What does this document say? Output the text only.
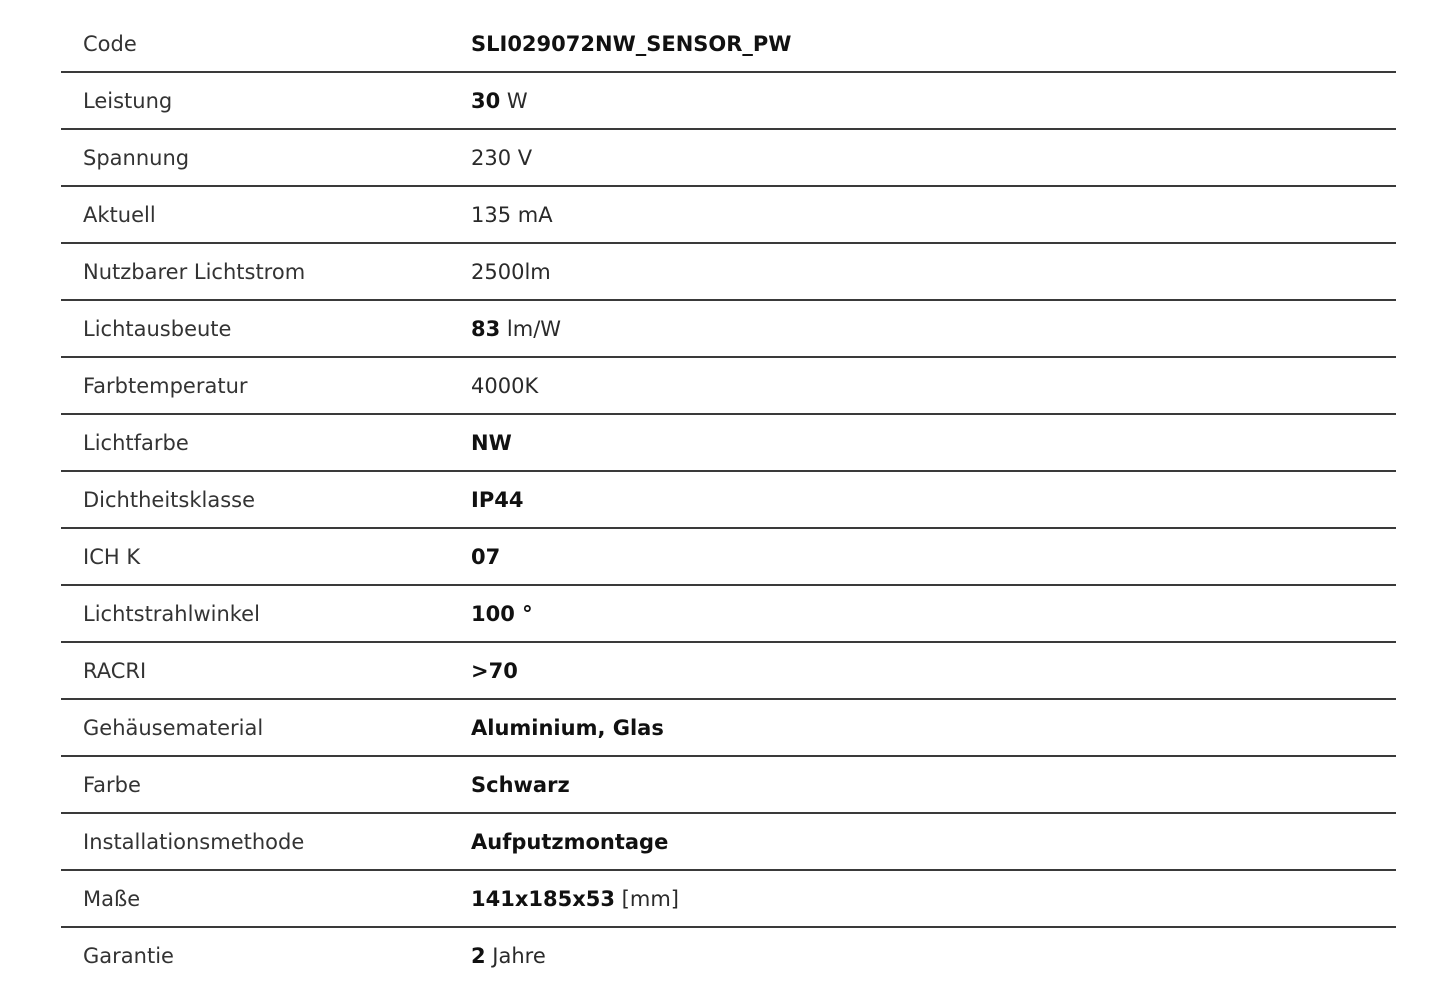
Code	SLI029072NW_SENSOR_PW
Leistung	30 W
Spannung	230 V
Aktuell	135 mA
Nutzbarer Lichtstrom	2500lm
Lichtausbeute	83 lm/W
Farbtemperatur	4000K
Lichtfarbe	NW
Dichtheitsklasse	IP44
ICH K	07
Lichtstrahlwinkel	100 °
RACRI	>70
Gehäusematerial	Aluminium, Glas
Farbe	Schwarz
Installationsmethode	Aufputzmontage
Maße	141x185x53 [mm]
Garantie	2 Jahre
